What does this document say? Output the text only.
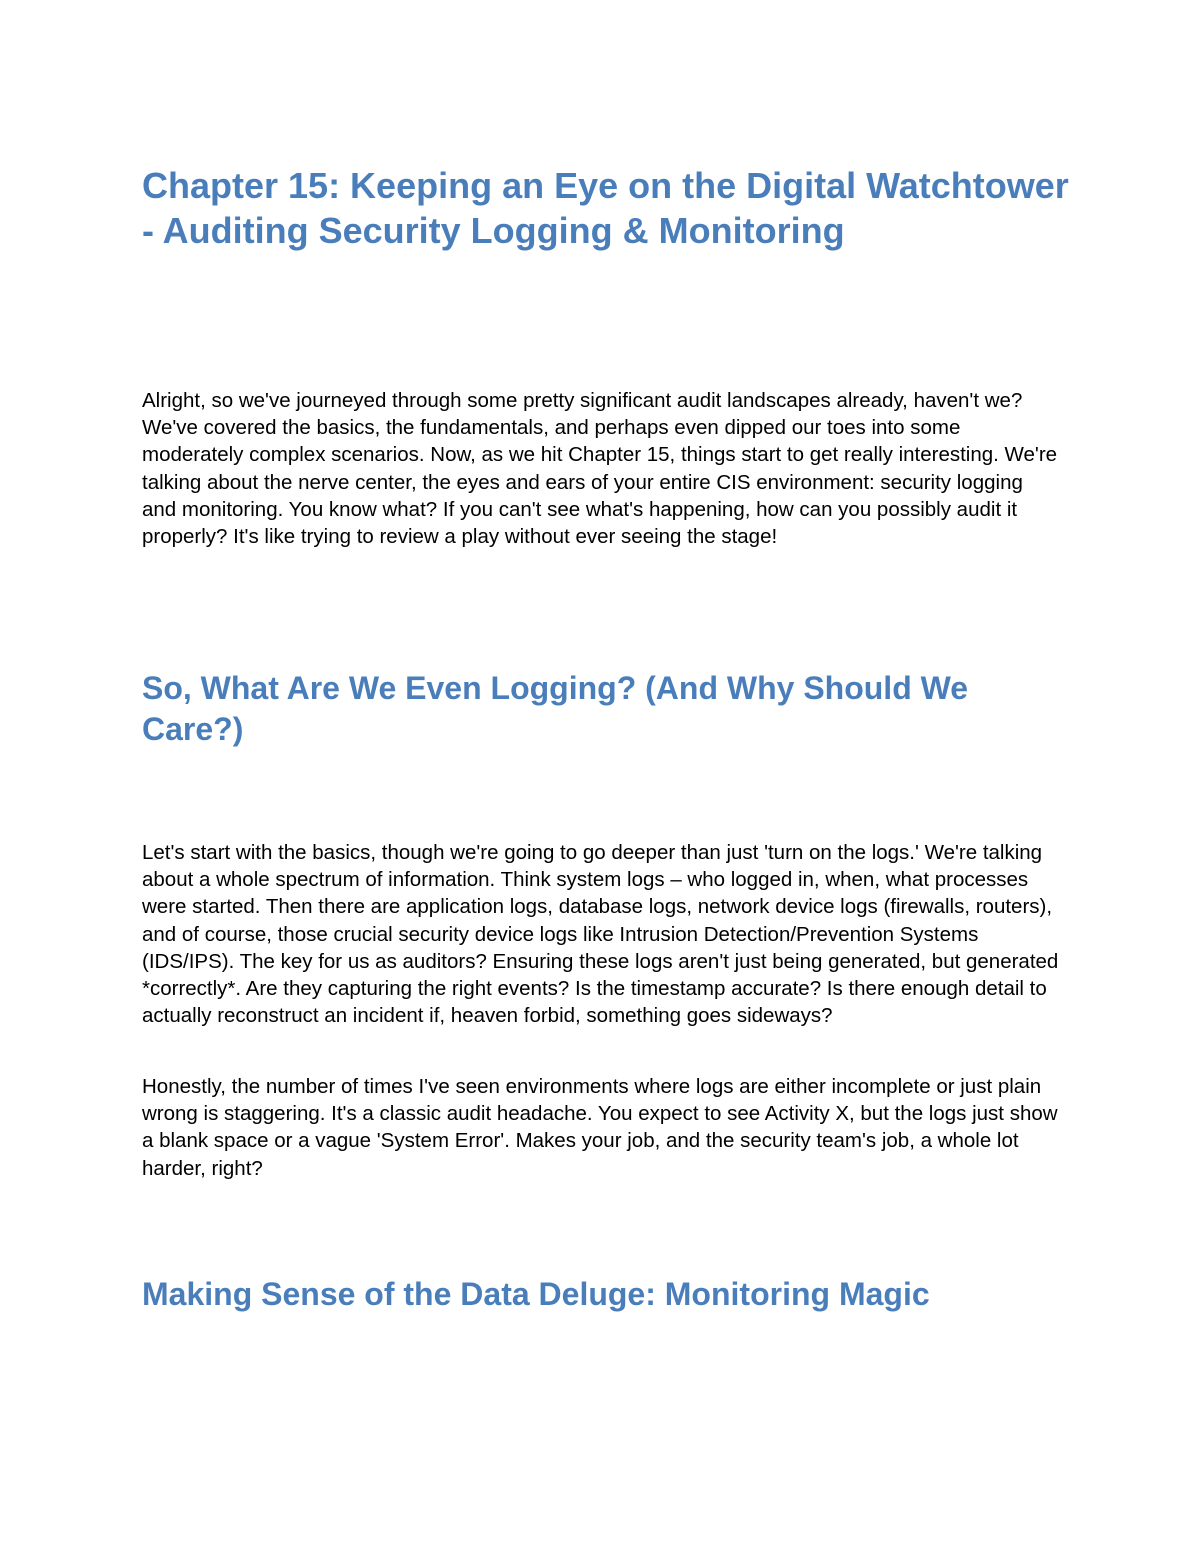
Chapter 15: Keeping an Eye on the Digital Watchtower - Auditing Security Logging & Monitoring

Alright, so we've journeyed through some pretty significant audit landscapes already, haven't we? We've covered the basics, the fundamentals, and perhaps even dipped our toes into some moderately complex scenarios. Now, as we hit Chapter 15, things start to get really interesting. We're talking about the nerve center, the eyes and ears of your entire CIS environment: security logging and monitoring. You know what? If you can't see what's happening, how can you possibly audit it properly? It's like trying to review a play without ever seeing the stage!

So, What Are We Even Logging? (And Why Should We Care?)

Let's start with the basics, though we're going to go deeper than just 'turn on the logs.' We're talking about a whole spectrum of information. Think system logs – who logged in, when, what processes were started. Then there are application logs, database logs, network device logs (firewalls, routers), and of course, those crucial security device logs like Intrusion Detection/Prevention Systems (IDS/IPS). The key for us as auditors? Ensuring these logs aren't just being generated, but generated *correctly*. Are they capturing the right events? Is the timestamp accurate? Is there enough detail to actually reconstruct an incident if, heaven forbid, something goes sideways?

Honestly, the number of times I've seen environments where logs are either incomplete or just plain wrong is staggering. It's a classic audit headache. You expect to see Activity X, but the logs just show a blank space or a vague 'System Error'. Makes your job, and the security team's job, a whole lot harder, right?

Making Sense of the Data Deluge: Monitoring Magic
